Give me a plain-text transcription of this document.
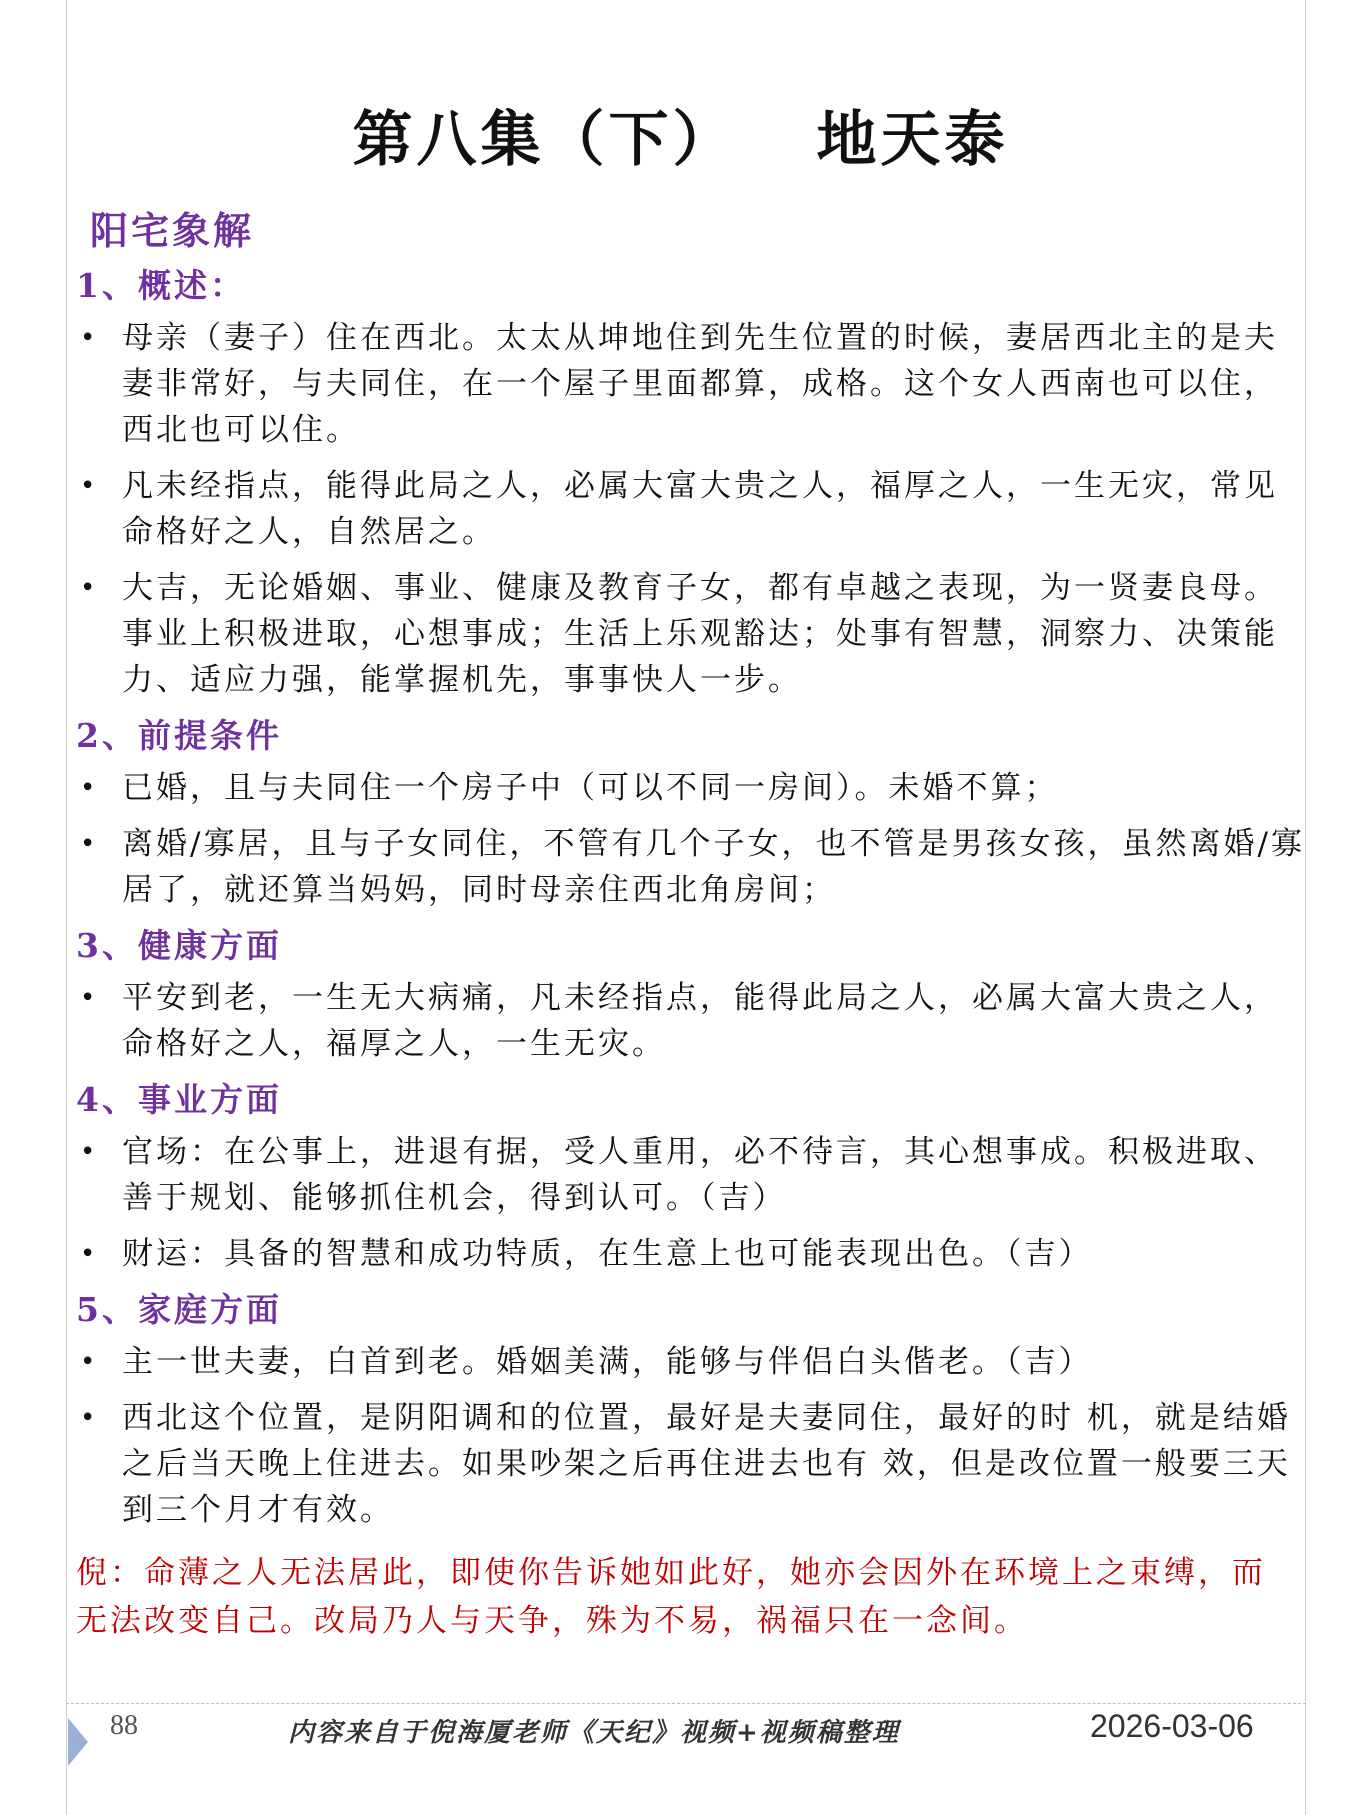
第八集（下） 地天泰
阳宅象解
1、概述：
• 母亲（妻子）住在西北。太太从坤地住到先生位置的时候，妻居西北主的是夫妻非常好，与夫同住，在一个屋子里面都算，成格。这个女人西南也可以住，西北也可以住。
• 凡未经指点，能得此局之人，必属大富大贵之人，福厚之人，一生无灾，常见命格好之人，自然居之。
• 大吉，无论婚姻、事业、健康及教育子女，都有卓越之表现，为一贤妻良母。事业上积极进取，心想事成；生活上乐观豁达；处事有智慧，洞察力、决策能力、适应力强，能掌握机先，事事快人一步。
2、前提条件
• 已婚，且与夫同住一个房子中（可以不同一房间）。未婚不算；
• 离婚/寡居，且与子女同住，不管有几个子女，也不管是男孩女孩，虽然离婚/寡居了，就还算当妈妈，同时母亲住西北角房间；
3、健康方面
• 平安到老，一生无大病痛，凡未经指点，能得此局之人，必属大富大贵之人，命格好之人，福厚之人，一生无灾。
4、事业方面
• 官场：在公事上，进退有据，受人重用，必不待言，其心想事成。积极进取、善于规划、能够抓住机会，得到认可。（吉）
• 财运：具备的智慧和成功特质，在生意上也可能表现出色。（吉）
5、家庭方面
• 主一世夫妻，白首到老。婚姻美满，能够与伴侣白头偕老。（吉）
• 西北这个位置，是阴阳调和的位置，最好是夫妻同住，最好的时 机，就是结婚之后当天晚上住进去。如果吵架之后再住进去也有 效，但是改位置一般要三天到三个月才有效。
倪：命薄之人无法居此，即使你告诉她如此好，她亦会因外在环境上之束缚，而无法改变自己。改局乃人与天争，殊为不易，祸福只在一念间。
88	内容来自于倪海厦老师《天纪》视频+视频稿整理	2026-03-06
